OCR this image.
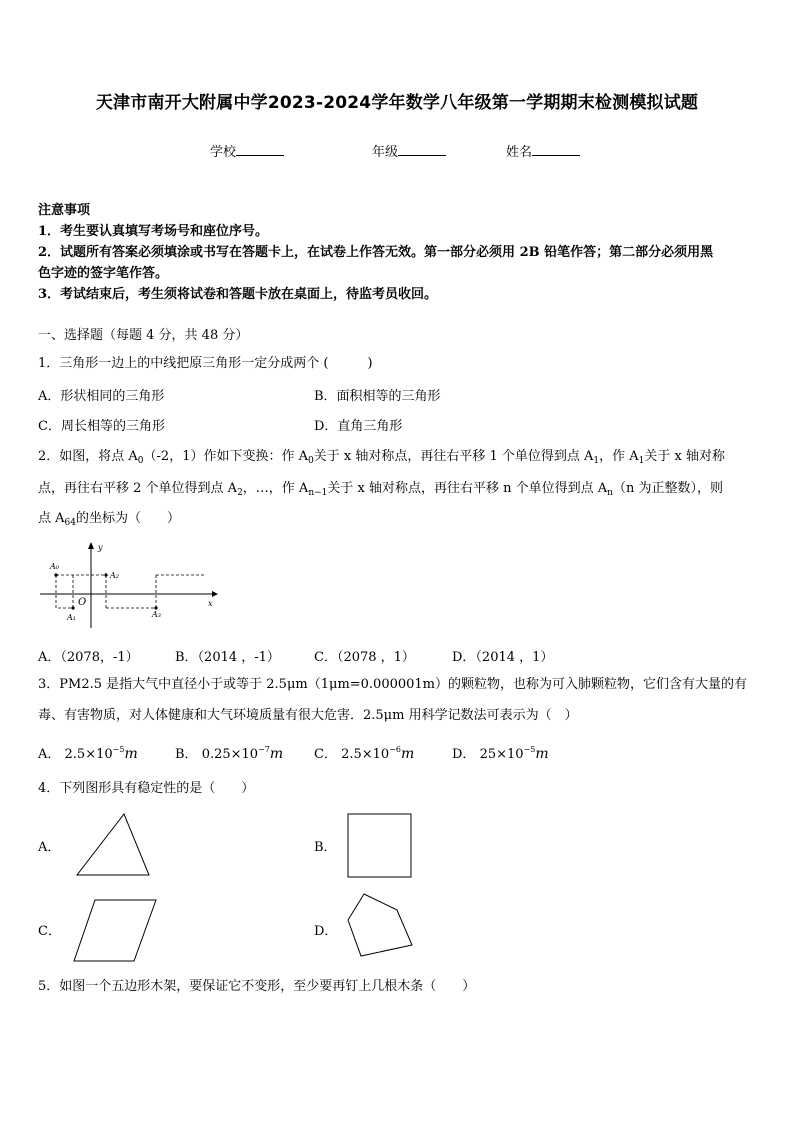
天津市南开大附属中学2023-2024学年数学八年级第一学期期末检测模拟试题
学校	年级	姓名
注意事项
1．考生要认真填写考场号和座位序号。
2．试题所有答案必须填涂或书写在答题卡上，在试卷上作答无效。第一部分必须用 2B 铅笔作答；第二部分必须用黑
色字迹的签字笔作答。
3．考试结束后，考生须将试卷和答题卡放在桌面上，待监考员收回。
一、选择题（每题 4 分，共 48 分）
1．三角形一边上的中线把原三角形一定分成两个 (　　　)
A．形状相同的三角形	B．面积相等的三角形
C．周长相等的三角形	D．直角三角形
2．如图，将点 $A_0(-2$，1）作如下变换：作 $A_0$关于 x 轴对称点，再往右平移 1 个单位得到点 $A_1$，作 $A_1$关于 x 轴对称
点，再往右平移 2 个单位得到点 $A_2$，…，作 $A_{n-1}$关于 x 轴对称点，再往右平移 n 个单位得到点 $A_n(n$ 为正整数），则
点 $A_{64}$的坐标为（　　）
y
x
O
A₀
A₁
A₂
A₃
A．（2078，-1）	B．（2014 ，-1）	C．（2078 ，1）	D．（2014 ，1）
3．PM2.5 是指大气中直径小于或等于 2.5μm（1μm=0.000001m）的颗粒物，也称为可入肺颗粒物，它们含有大量的有
毒、有害物质，对人体健康和大气环境质量有很大危害．2.5μm 用科学记数法可表示为（　）
A． $2.5\times 10^{-5}m$	B． $0.25\times 10^{-7}m$ C． $2.5\times 10^{-6}m$	D． $25\times 10^{-5}m$
4．下列图形具有稳定性的是（　　）
A．	B．
C．	D．
5．如图一个五边形木架，要保证它不变形，至少要再钉上几根木条（　　）
